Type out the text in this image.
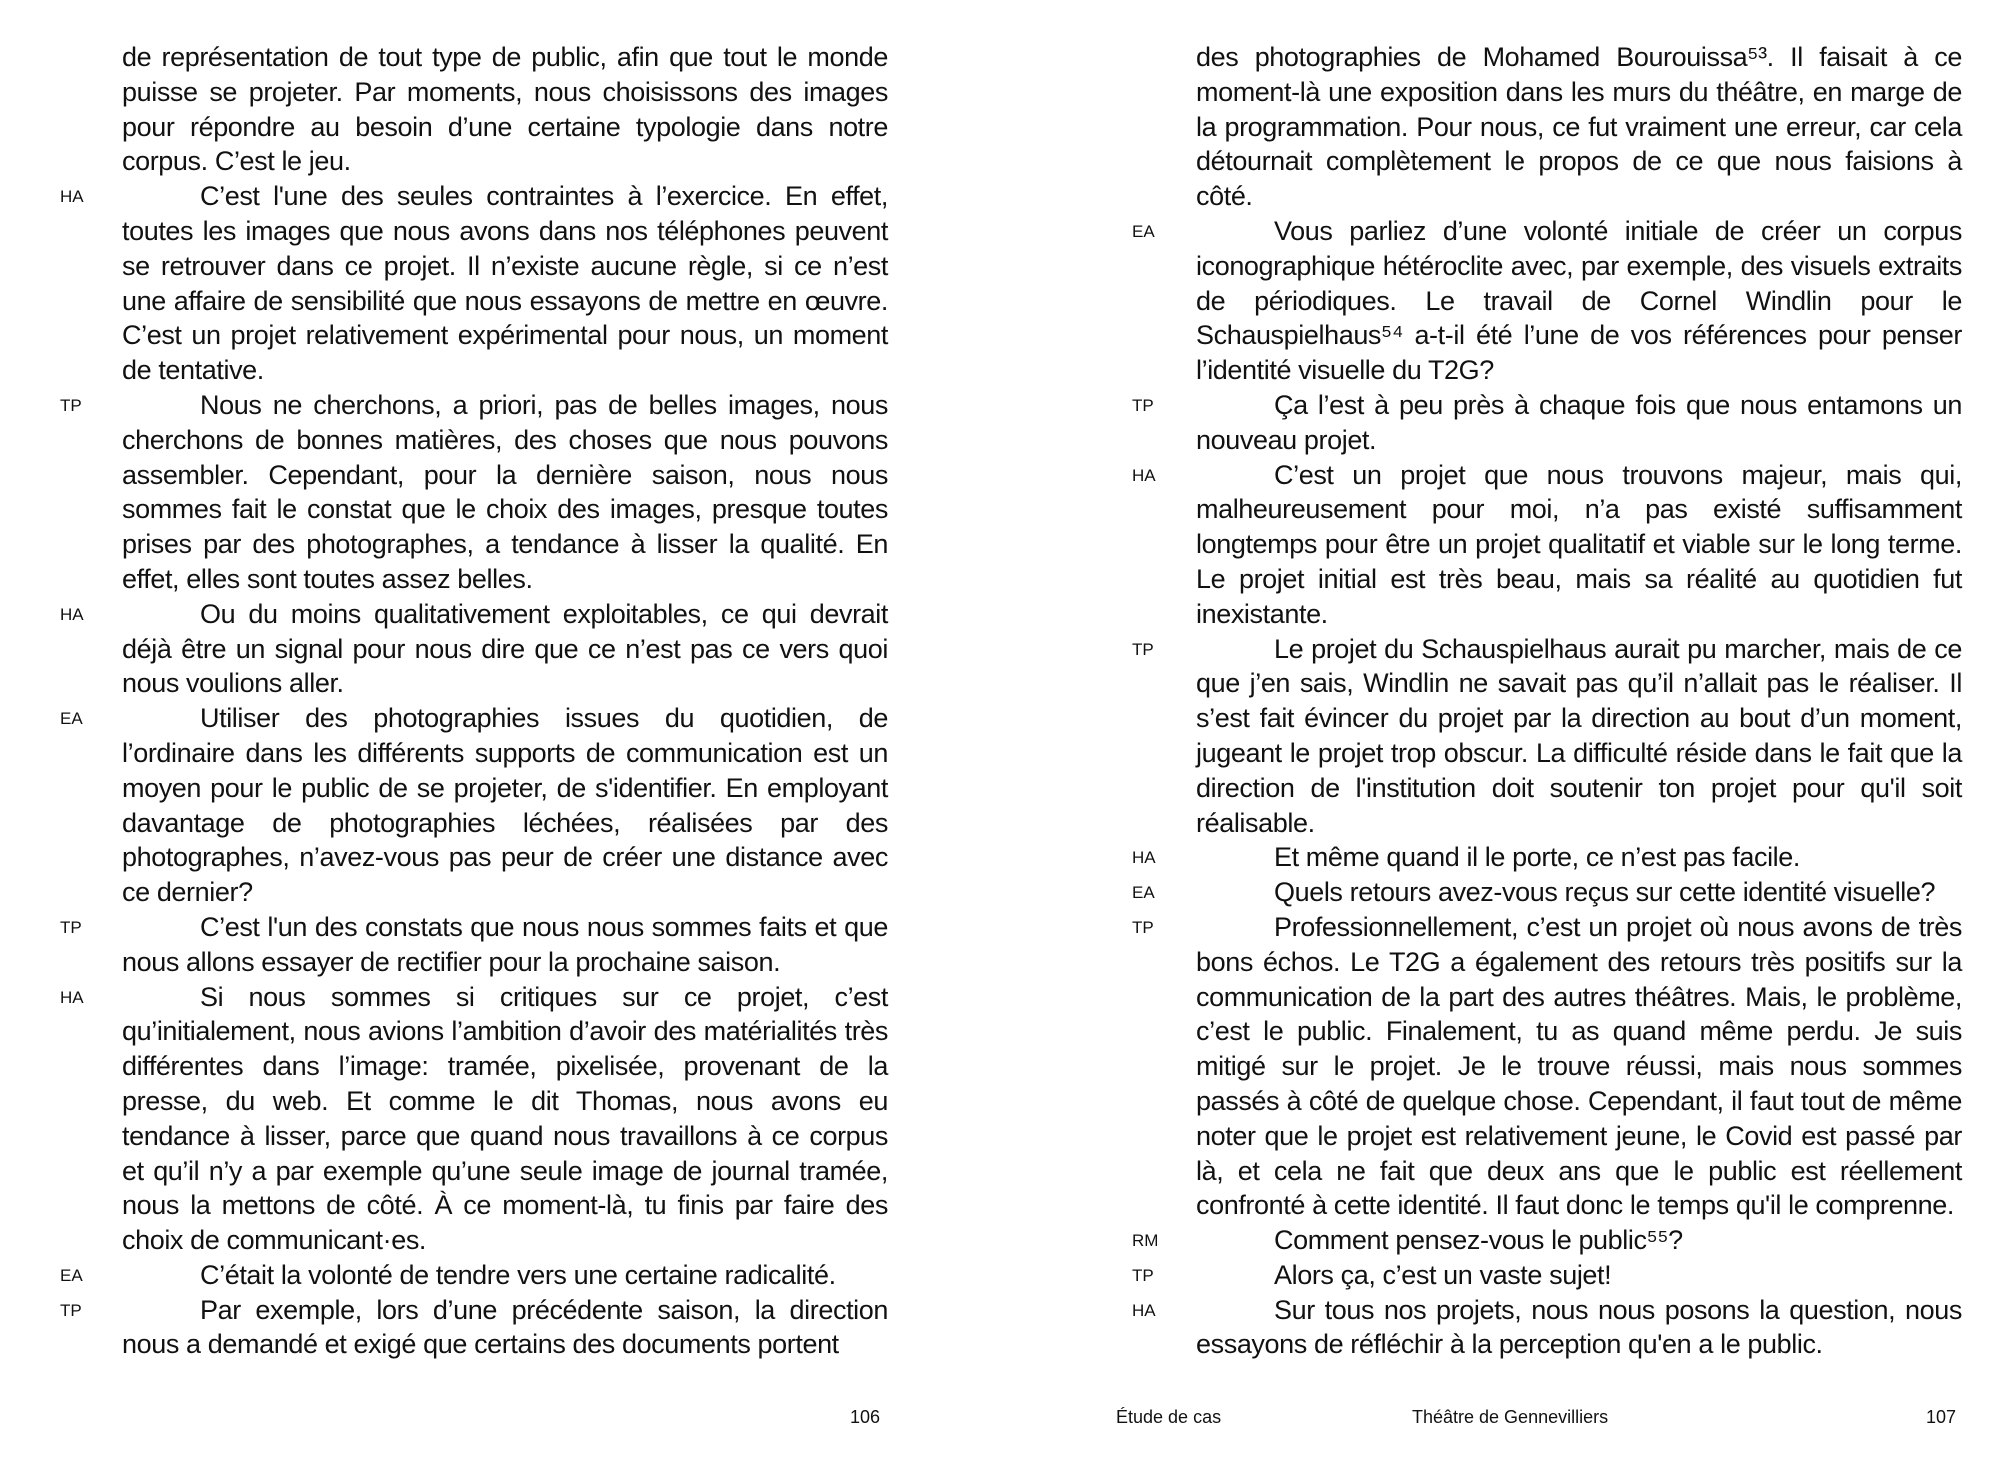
de représentation de tout type de public, afin que tout le monde puisse se projeter. Par moments, nous choisissons des images pour répondre au besoin d’une certaine typologie dans notre corpus. C’est le jeu.

HA	C’est l'une des seules contraintes à l’exercice. En effet, toutes les images que nous avons dans nos téléphones peuvent se retrouver dans ce projet. Il n’existe aucune règle, si ce n’est une affaire de sensibilité que nous essayons de mettre en œuvre. C’est un projet relativement expérimental pour nous, un moment de tentative.

TP	Nous ne cherchons, a priori, pas de belles images, nous cherchons de bonnes matières, des choses que nous pouvons assembler. Cependant, pour la dernière saison, nous nous sommes fait le constat que le choix des images, presque toutes prises par des photographes, a tendance à lisser la qualité. En effet, elles sont toutes assez belles.

HA	Ou du moins qualitativement exploitables, ce qui devrait déjà être un signal pour nous dire que ce n’est pas ce vers quoi nous voulions aller.

EA	Utiliser des photographies issues du quotidien, de l’ordinaire dans les différents supports de communication est un moyen pour le public de se projeter, de s'identifier. En employant davantage de photographies léchées, réalisées par des photographes, n’avez-vous pas peur de créer une distance avec ce dernier?

TP	C’est l'un des constats que nous nous sommes faits et que nous allons essayer de rectifier pour la prochaine saison.

HA	Si nous sommes si critiques sur ce projet, c’est qu’initialement, nous avions l’ambition d’avoir des matérialités très différentes dans l’image: tramée, pixelisée, provenant de la presse, du web. Et comme le dit Thomas, nous avons eu tendance à lisser, parce que quand nous travaillons à ce corpus et qu’il n’y a par exemple qu’une seule image de journal tramée, nous la mettons de côté. À ce moment-là, tu finis par faire des choix de communicant·es.

EA	C’était la volonté de tendre vers une certaine radicalité.

TP	Par exemple, lors d’une précédente saison, la direction nous a demandé et exigé que certains des documents portent

106

des photographies de Mohamed Bourouissa⁵³. Il faisait à ce moment-là une exposition dans les murs du théâtre, en marge de la programmation. Pour nous, ce fut vraiment une erreur, car cela détournait complètement le propos de ce que nous faisions à côté.

EA	Vous parliez d’une volonté initiale de créer un corpus iconographique hétéroclite avec, par exemple, des visuels extraits de périodiques. Le travail de Cornel Windlin pour le Schauspielhaus⁵⁴ a-t-il été l’une de vos références pour penser l’identité visuelle du T2G?

TP	Ça l’est à peu près à chaque fois que nous entamons un nouveau projet.

HA	C’est un projet que nous trouvons majeur, mais qui, malheureusement pour moi, n’a pas existé suffisamment longtemps pour être un projet qualitatif et viable sur le long terme. Le projet initial est très beau, mais sa réalité au quotidien fut inexistante.

TP	Le projet du Schauspielhaus aurait pu marcher, mais de ce que j’en sais, Windlin ne savait pas qu’il n’allait pas le réaliser. Il s’est fait évincer du projet par la direction au bout d’un moment, jugeant le projet trop obscur. La difficulté réside dans le fait que la direction de l'institution doit soutenir ton projet pour qu'il soit réalisable.

HA	Et même quand il le porte, ce n’est pas facile.

EA	Quels retours avez-vous reçus sur cette identité visuelle?

TP	Professionnellement, c’est un projet où nous avons de très bons échos. Le T2G a également des retours très positifs sur la communication de la part des autres théâtres. Mais, le problème, c’est le public. Finalement, tu as quand même perdu. Je suis mitigé sur le projet. Je le trouve réussi, mais nous sommes passés à côté de quelque chose. Cependant, il faut tout de même noter que le projet est relativement jeune, le Covid est passé par là, et cela ne fait que deux ans que le public est réellement confronté à cette identité. Il faut donc le temps qu'il le comprenne.

RM	Comment pensez-vous le public⁵⁵?

TP	Alors ça, c’est un vaste sujet!

HA	Sur tous nos projets, nous nous posons la question, nous essayons de réfléchir à la perception qu'en a le public.

Étude de cas	Théâtre de Gennevilliers	107
